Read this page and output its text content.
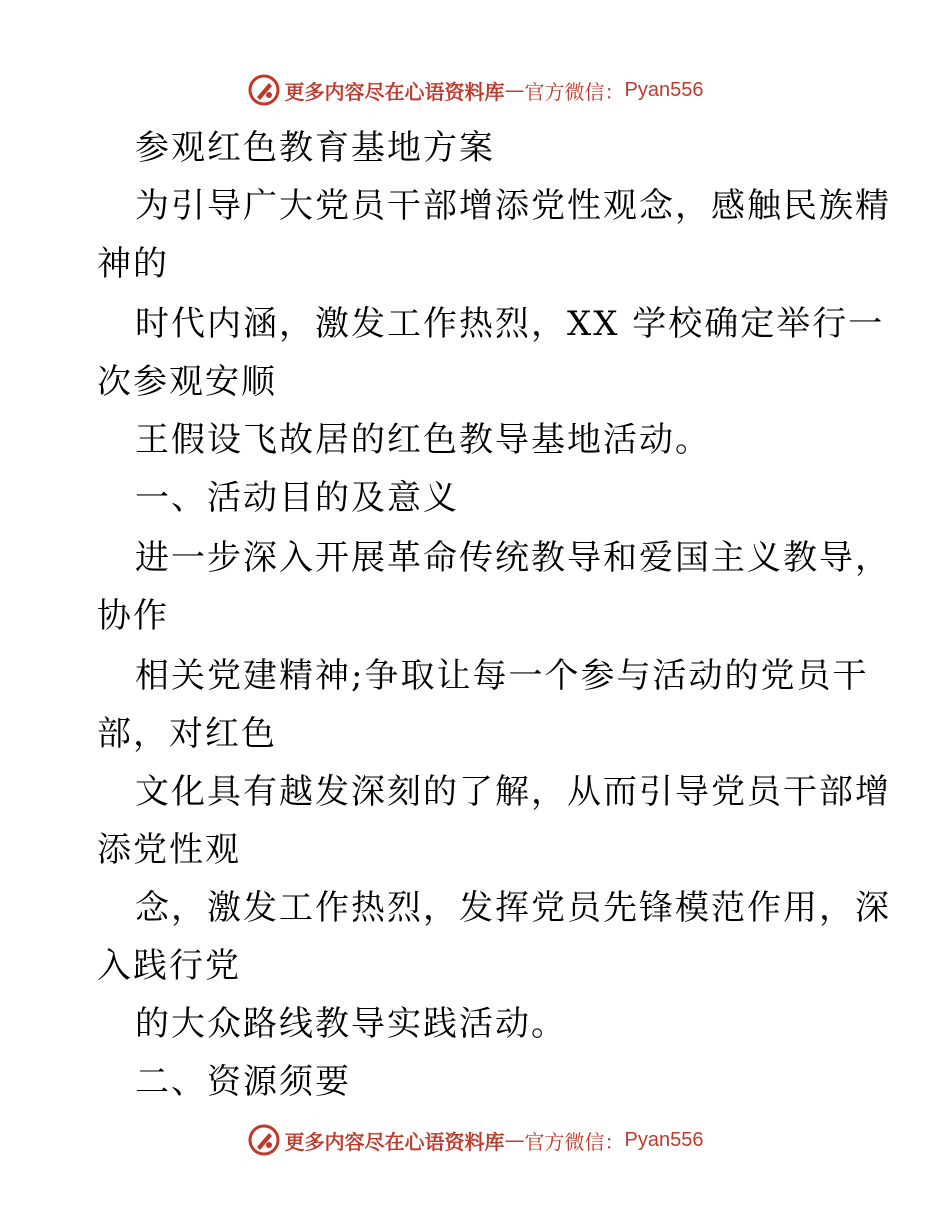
更多内容尽在心语资料库 — 官方微信： Pyan556
参观红色教育基地方案
为引导广大党员干部增添党性观念，感触民族精
神的
时代内涵，激发工作热烈，XX 学校确定举行一
次参观安顺
王假设飞故居的红色教导基地活动。
一、活动目的及意义
进一步深入开展革命传统教导和爱国主义教导，
协作
相关党建精神;争取让每一个参与活动的党员干
部，对红色
文化具有越发深刻的了解，从而引导党员干部增
添党性观
念，激发工作热烈，发挥党员先锋模范作用，深
入践行党
的大众路线教导实践活动。
二、资源须要
更多内容尽在心语资料库 — 官方微信： Pyan556
